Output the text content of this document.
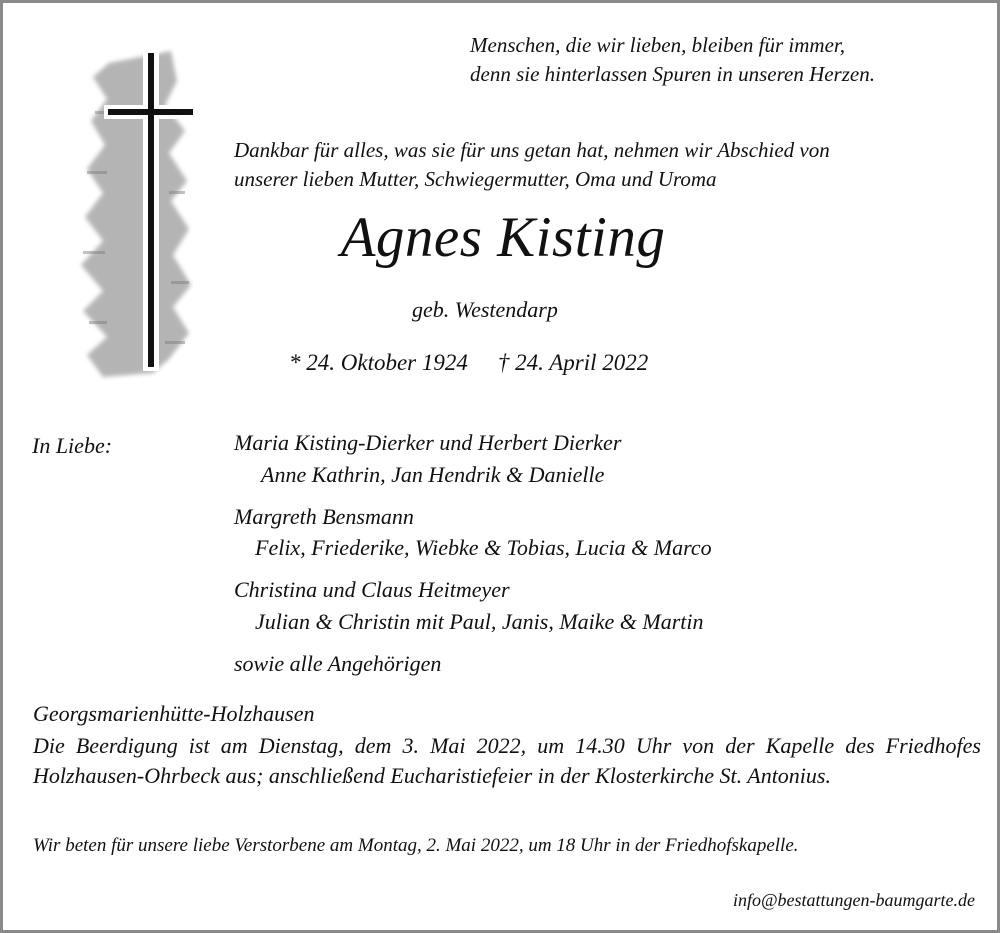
Menschen, die wir lieben, bleiben für immer,
denn sie hinterlassen Spuren in unseren Herzen.
Dankbar für alles, was sie für uns getan hat, nehmen wir Abschied von
unserer lieben Mutter, Schwiegermutter, Oma und Uroma
Agnes Kisting
geb. Westendarp
* 24. Oktober 1924 † 24. April 2022
In Liebe:	Maria Kisting-Dierker und Herbert Dierker
Anne Kathrin, Jan Hendrik & Danielle
Margreth Bensmann
Felix, Friederike, Wiebke & Tobias, Lucia & Marco
Christina und Claus Heitmeyer
Julian & Christin mit Paul, Janis, Maike & Martin
sowie alle Angehörigen
Georgsmarienhütte-Holzhausen
Die Beerdigung ist am Dienstag, dem 3. Mai 2022, um 14.30 Uhr von der Kapelle des Friedhofes Holzhausen-Ohrbeck aus; anschließend Eucharistiefeier in der Klosterkirche St. Antonius.
Wir beten für unsere liebe Verstorbene am Montag, 2. Mai 2022, um 18 Uhr in der Friedhofskapelle.
info@bestattungen-baumgarte.de
